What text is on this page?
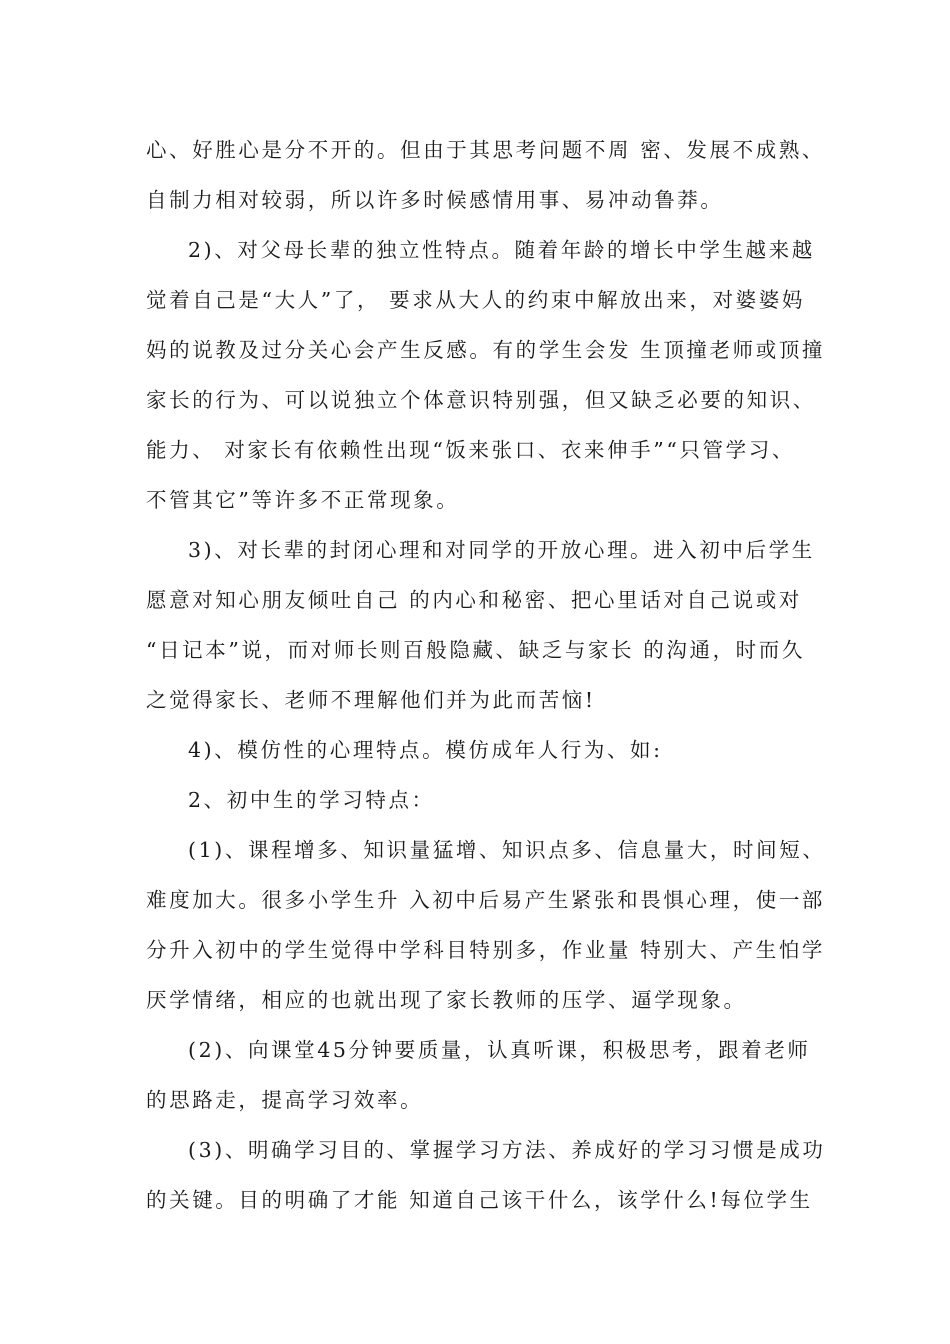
心、好胜心是分不开的。但由于其思考问题不周 密、发展不成熟、
自制力相对较弱，所以许多时候感情用事、易冲动鲁莽。
2)、对父母长辈的独立性特点。随着年龄的增长中学生越来越
觉着自己是“大人”了， 要求从大人的约束中解放出来，对婆婆妈
妈的说教及过分关心会产生反感。有的学生会发 生顶撞老师或顶撞
家长的行为、可以说独立个体意识特别强，但又缺乏必要的知识、
能力、 对家长有依赖性出现“饭来张口、衣来伸手”“只管学习、
不管其它”等许多不正常现象。
3)、对长辈的封闭心理和对同学的开放心理。进入初中后学生
愿意对知心朋友倾吐自己 的内心和秘密、把心里话对自己说或对
“日记本”说，而对师长则百般隐藏、缺乏与家长 的沟通，时而久
之觉得家长、老师不理解他们并为此而苦恼!
4)、模仿性的心理特点。模仿成年人行为、如:
2、初中生的学习特点：
(1)、课程增多、知识量猛增、知识点多、信息量大，时间短、
难度加大。很多小学生升 入初中后易产生紧张和畏惧心理，使一部
分升入初中的学生觉得中学科目特别多，作业量 特别大、产生怕学
厌学情绪，相应的也就出现了家长教师的压学、逼学现象。
(2)、向课堂45分钟要质量，认真听课，积极思考，跟着老师
的思路走，提高学习效率。
(3)、明确学习目的、掌握学习方法、养成好的学习习惯是成功
的关键。目的明确了才能 知道自己该干什么，该学什么!每位学生
